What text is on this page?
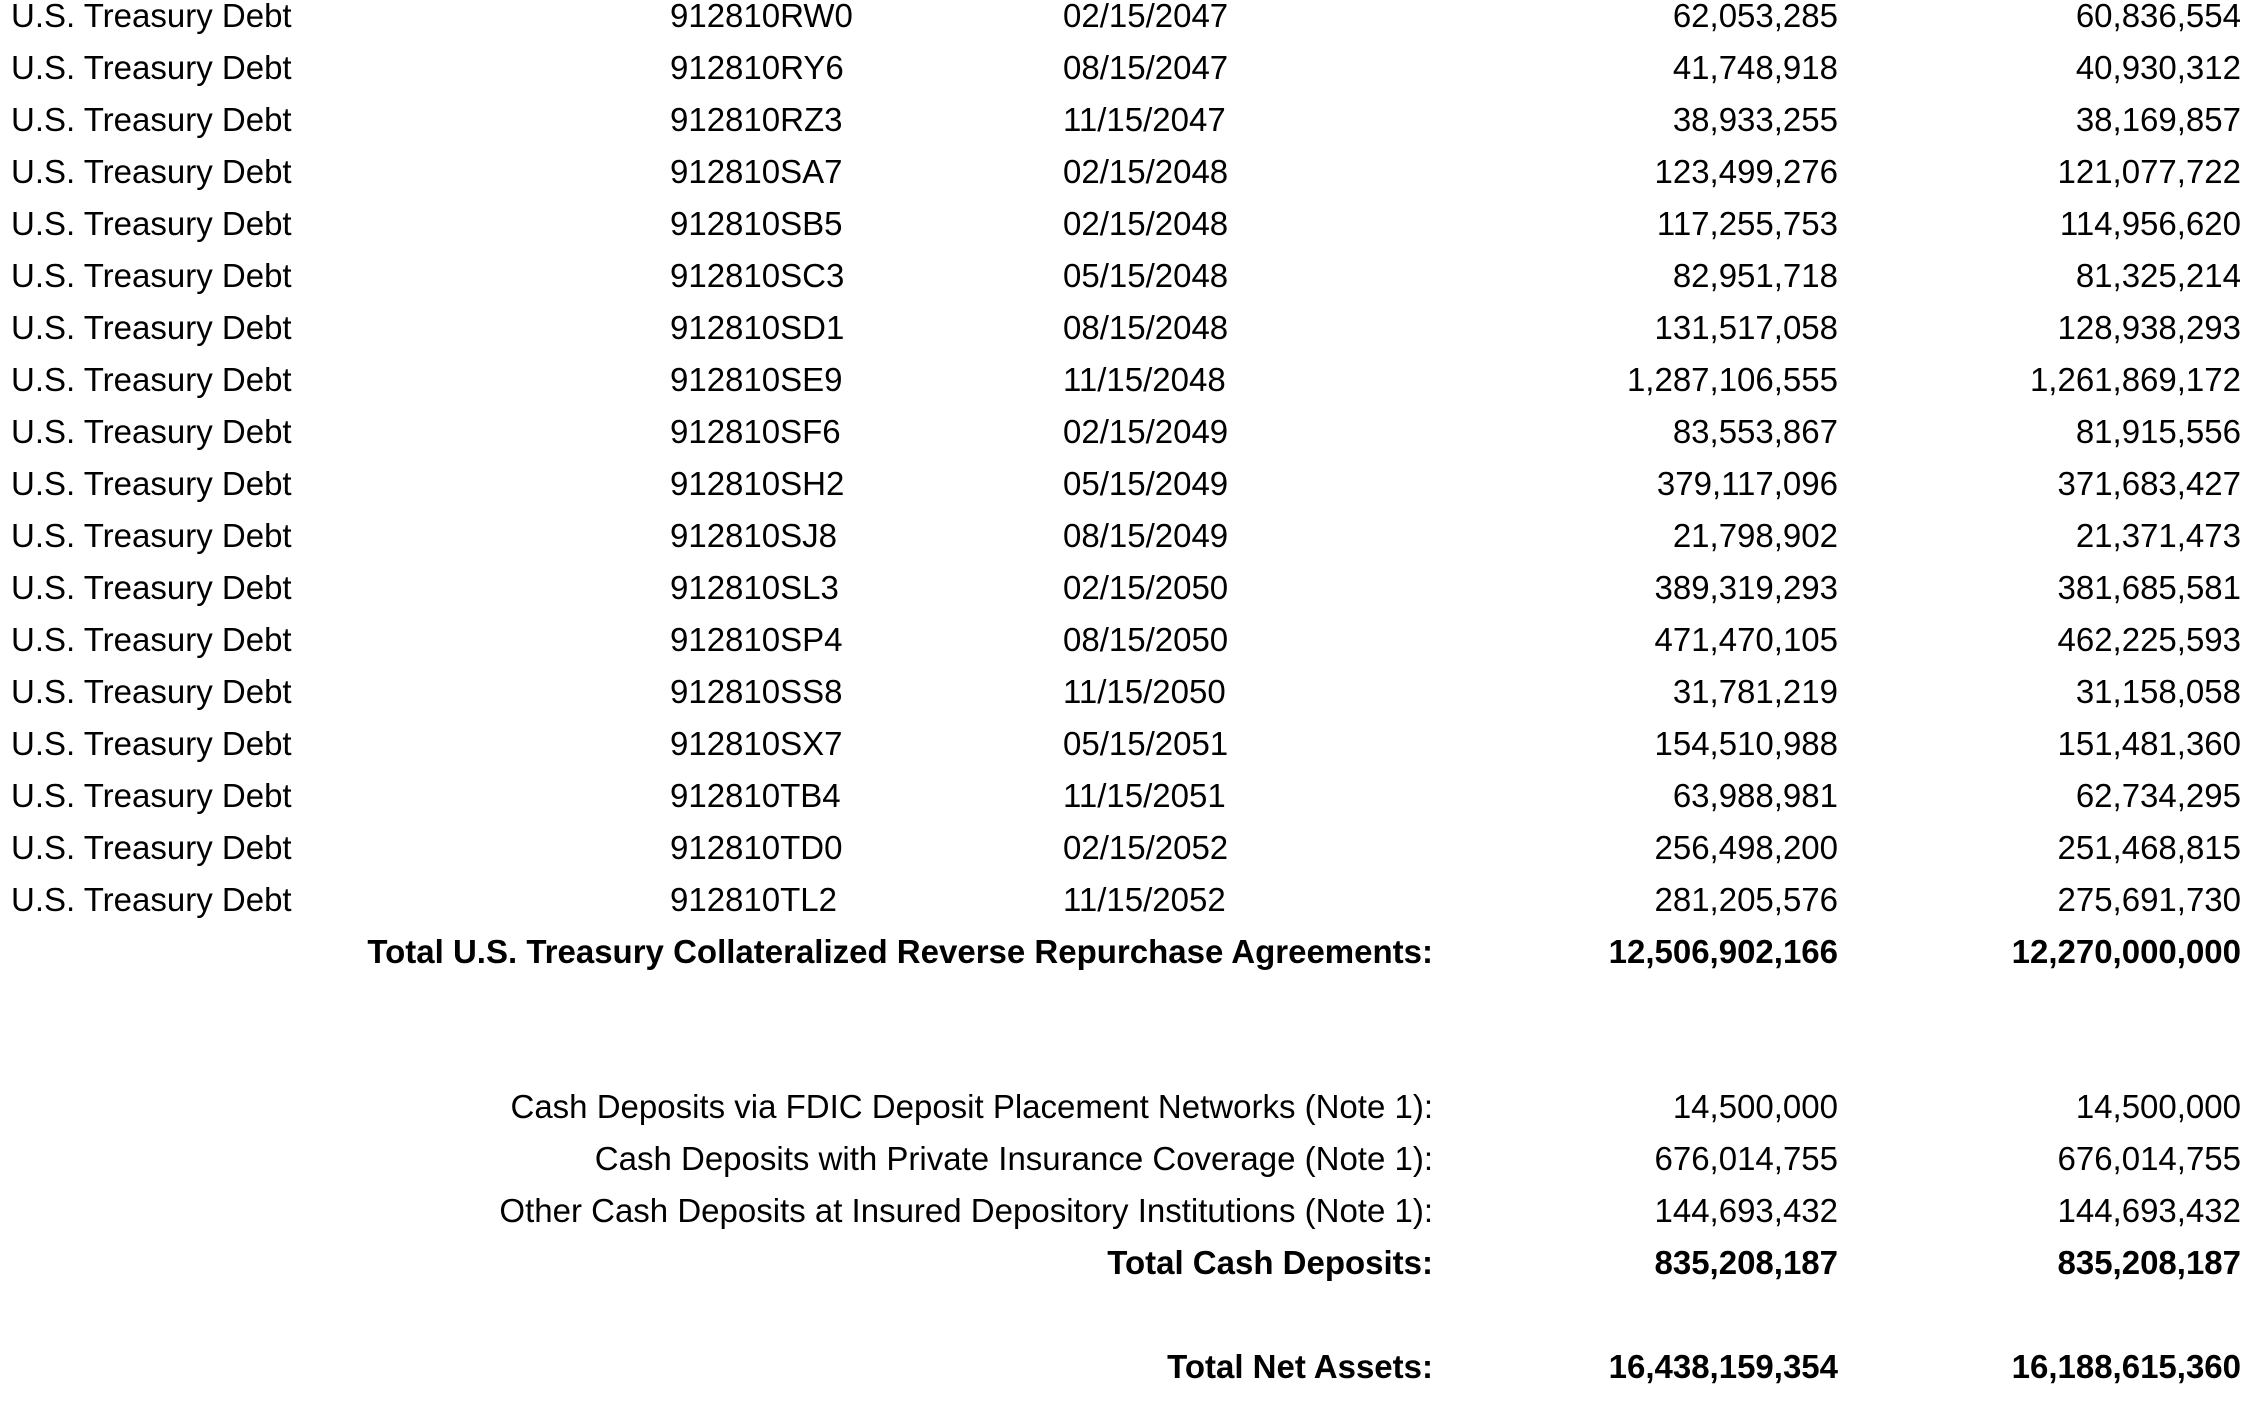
U.S. Treasury Debt	912810RW0	02/15/2047	62,053,285	60,836,554
U.S. Treasury Debt	912810RY6	08/15/2047	41,748,918	40,930,312
U.S. Treasury Debt	912810RZ3	11/15/2047	38,933,255	38,169,857
U.S. Treasury Debt	912810SA7	02/15/2048	123,499,276	121,077,722
U.S. Treasury Debt	912810SB5	02/15/2048	117,255,753	114,956,620
U.S. Treasury Debt	912810SC3	05/15/2048	82,951,718	81,325,214
U.S. Treasury Debt	912810SD1	08/15/2048	131,517,058	128,938,293
U.S. Treasury Debt	912810SE9	11/15/2048	1,287,106,555	1,261,869,172
U.S. Treasury Debt	912810SF6	02/15/2049	83,553,867	81,915,556
U.S. Treasury Debt	912810SH2	05/15/2049	379,117,096	371,683,427
U.S. Treasury Debt	912810SJ8	08/15/2049	21,798,902	21,371,473
U.S. Treasury Debt	912810SL3	02/15/2050	389,319,293	381,685,581
U.S. Treasury Debt	912810SP4	08/15/2050	471,470,105	462,225,593
U.S. Treasury Debt	912810SS8	11/15/2050	31,781,219	31,158,058
U.S. Treasury Debt	912810SX7	05/15/2051	154,510,988	151,481,360
U.S. Treasury Debt	912810TB4	11/15/2051	63,988,981	62,734,295
U.S. Treasury Debt	912810TD0	02/15/2052	256,498,200	251,468,815
U.S. Treasury Debt	912810TL2	11/15/2052	281,205,576	275,691,730
Total U.S. Treasury Collateralized Reverse Repurchase Agreements:	12,506,902,166	12,270,000,000
Cash Deposits via FDIC Deposit Placement Networks (Note 1):	14,500,000	14,500,000
Cash Deposits with Private Insurance Coverage (Note 1):	676,014,755	676,014,755
Other Cash Deposits at Insured Depository Institutions (Note 1):	144,693,432	144,693,432
Total Cash Deposits:	835,208,187	835,208,187
Total Net Assets:	16,438,159,354	16,188,615,360
